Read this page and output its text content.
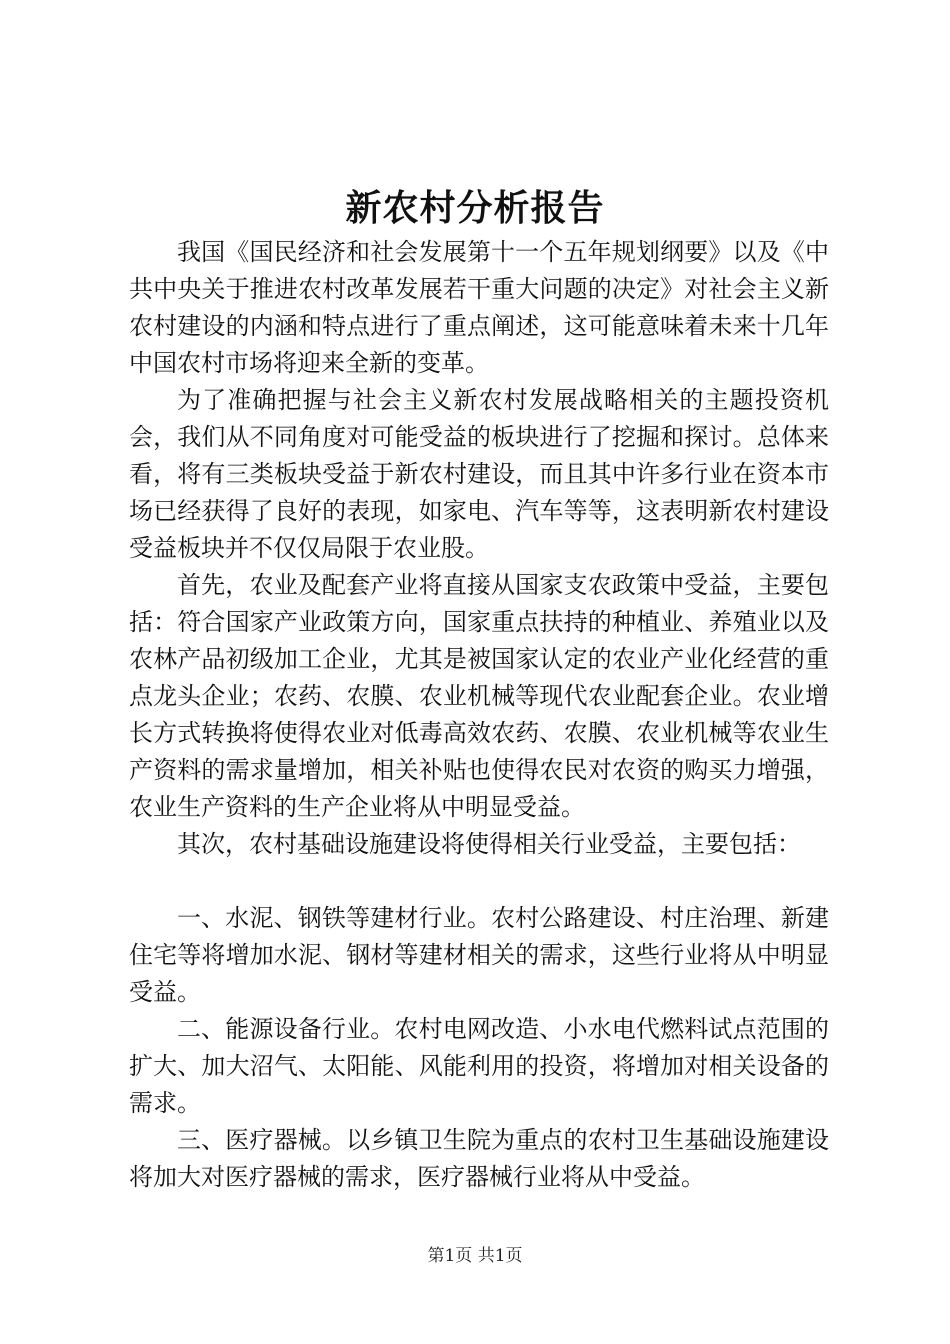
新农村分析报告

我国《国民经济和社会发展第十一个五年规划纲要》以及《中共中央关于推进农村改革发展若干重大问题的决定》对社会主义新农村建设的内涵和特点进行了重点阐述，这可能意味着未来十几年中国农村市场将迎来全新的变革。

为了准确把握与社会主义新农村发展战略相关的主题投资机会，我们从不同角度对可能受益的板块进行了挖掘和探讨。总体来看，将有三类板块受益于新农村建设，而且其中许多行业在资本市场已经获得了良好的表现，如家电、汽车等等，这表明新农村建设受益板块并不仅仅局限于农业股。

首先，农业及配套产业将直接从国家支农政策中受益，主要包括：符合国家产业政策方向，国家重点扶持的种植业、养殖业以及农林产品初级加工企业，尤其是被国家认定的农业产业化经营的重点龙头企业；农药、农膜、农业机械等现代农业配套企业。农业增长方式转换将使得农业对低毒高效农药、农膜、农业机械等农业生产资料的需求量增加，相关补贴也使得农民对农资的购买力增强，农业生产资料的生产企业将从中明显受益。

其次，农村基础设施建设将使得相关行业受益，主要包括：

一、水泥、钢铁等建材行业。农村公路建设、村庄治理、新建住宅等将增加水泥、钢材等建材相关的需求，这些行业将从中明显受益。

二、能源设备行业。农村电网改造、小水电代燃料试点范围的扩大、加大沼气、太阳能、风能利用的投资，将增加对相关设备的需求。

三、医疗器械。以乡镇卫生院为重点的农村卫生基础设施建设将加大对医疗器械的需求，医疗器械行业将从中受益。

第1页 共1页
